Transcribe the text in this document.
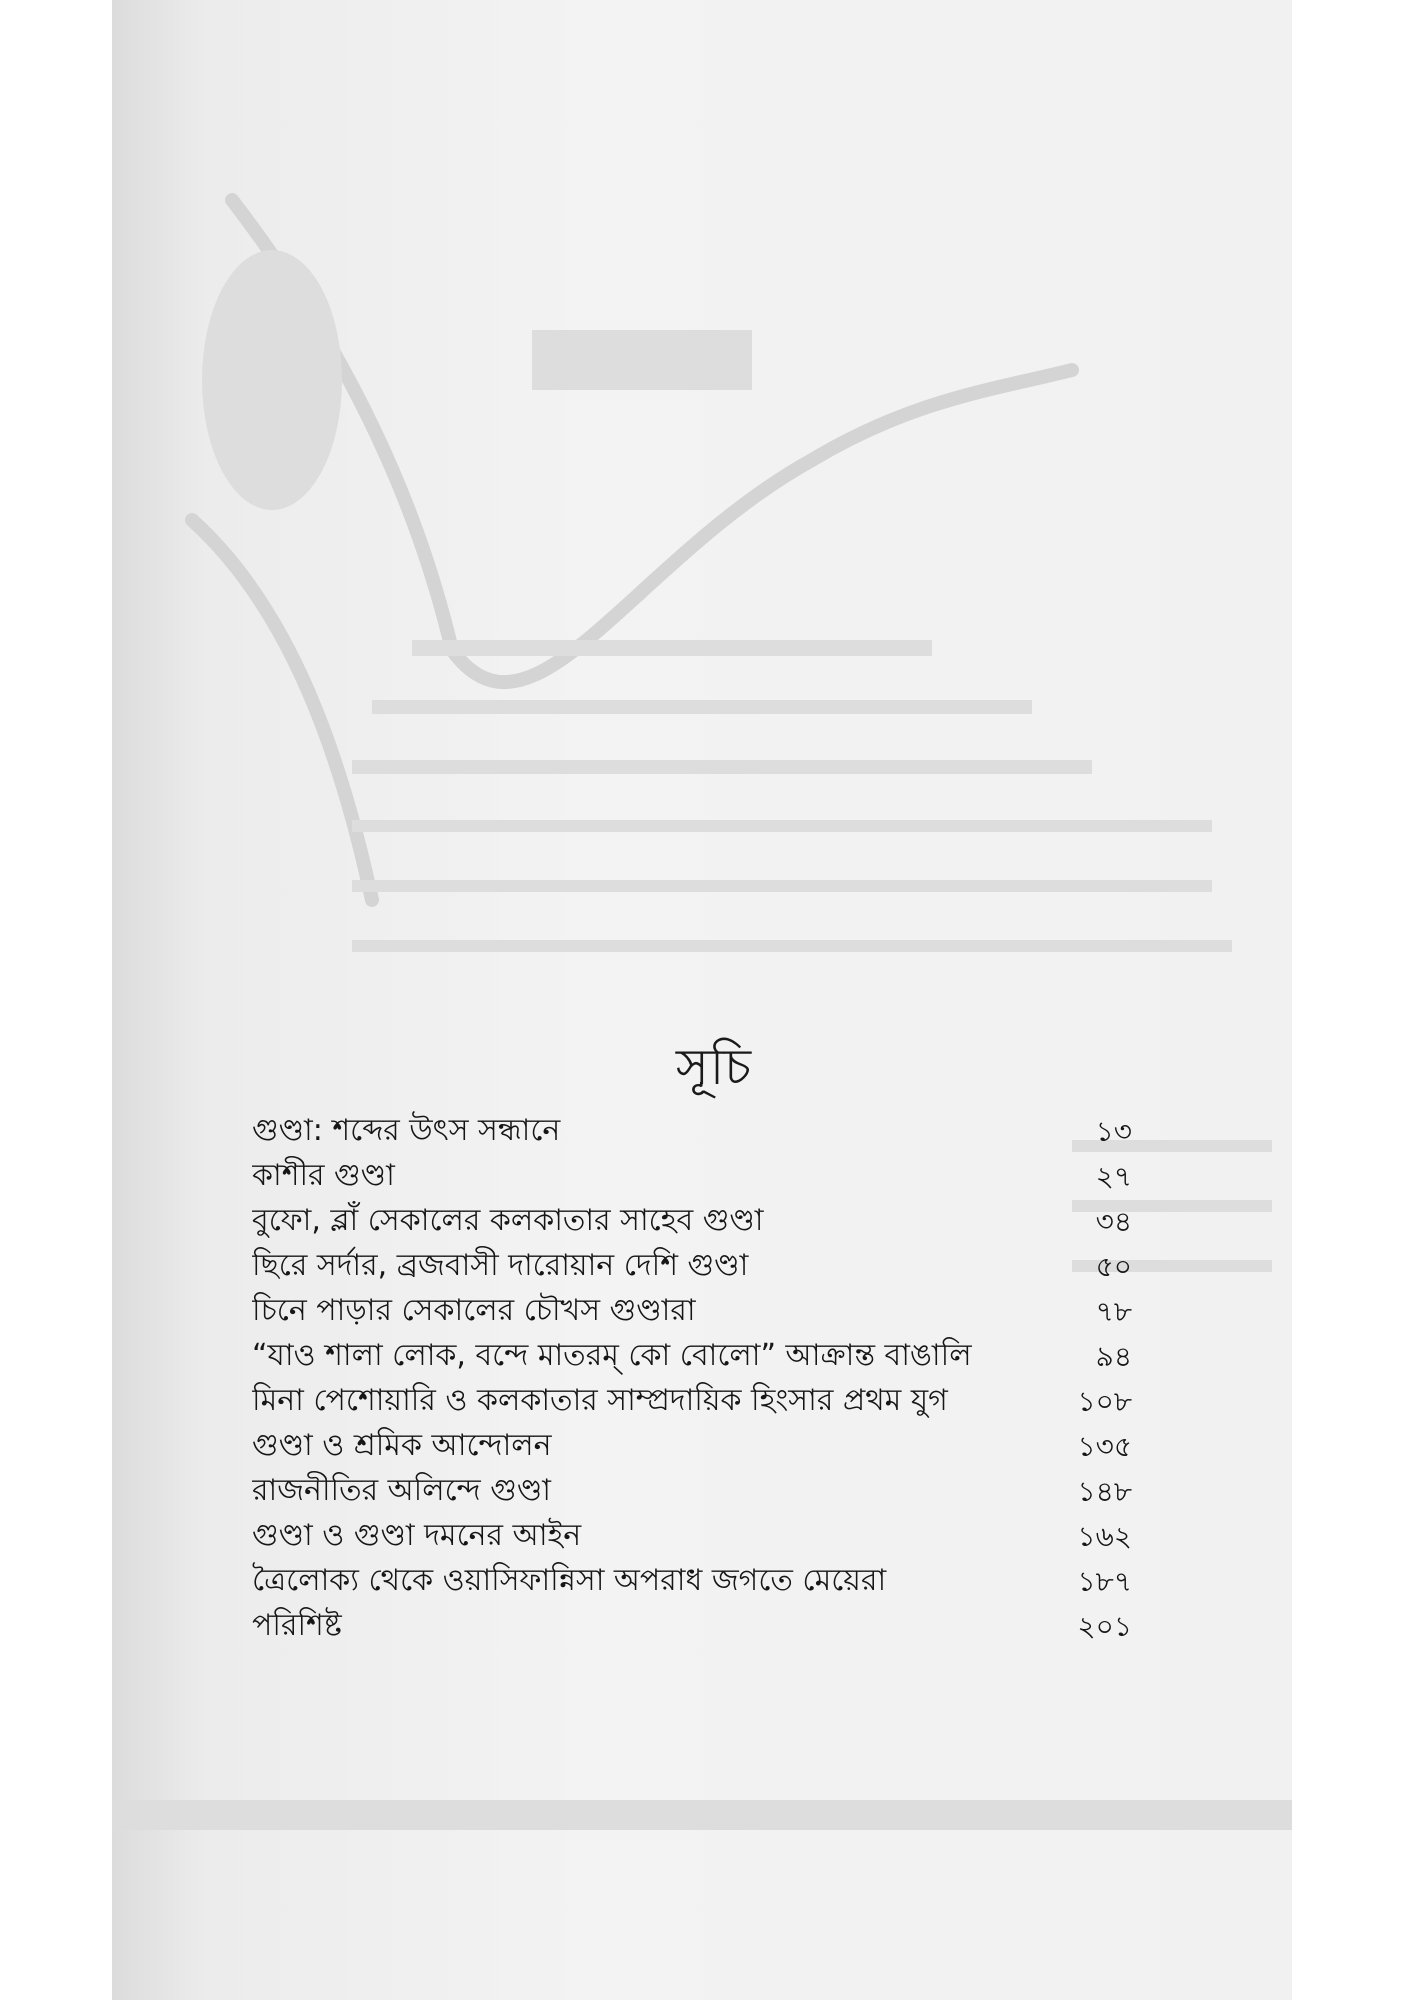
সূচি
গুণ্ডা: শব্দের উৎস সন্ধানে	১৩
কাশীর গুণ্ডা	২৭
বুফো, ব্লাঁ সেকালের কলকাতার সাহেব গুণ্ডা	৩৪
ছিরে সর্দার, ব্রজবাসী দারোয়ান দেশি গুণ্ডা	৫০
চিনে পাড়ার সেকালের চৌখস গুণ্ডারা	৭৮
“যাও শালা লোক, বন্দে মাতরম্ কো বোলো” আক্রান্ত বাঙালি	৯৪
মিনা পেশোয়ারি ও কলকাতার সাম্প্রদায়িক হিংসার প্রথম যুগ	১০৮
গুণ্ডা ও শ্রমিক আন্দোলন	১৩৫
রাজনীতির অলিন্দে গুণ্ডা	১৪৮
গুণ্ডা ও গুণ্ডা দমনের আইন	১৬২
ত্রৈলোক্য থেকে ওয়াসিফান্নিসা অপরাধ জগতে মেয়েরা	১৮৭
পরিশিষ্ট	২০১
